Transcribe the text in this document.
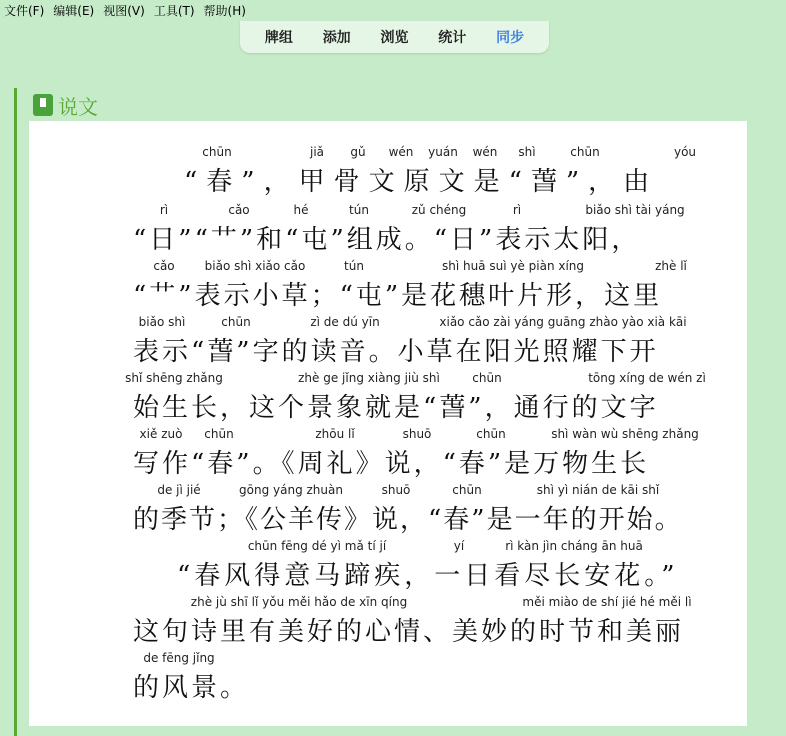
文件(F) 编辑(E) 视图(V) 工具(T) 帮助(H)
牌组	添加	浏览	统计	同步
说文
chūn	jiǎ gǔ wén yuán wén shì	chūn	yóu
“春”，甲骨文原文是“萅”，由
rì	cǎo	hé	tún	zǔ chéng	rì	biǎo shì tài yáng
“日”“艹”和“屯”组成。“日”表示太阳，
cǎo biǎo shì xiǎo cǎo	tún	shì huā suì yè piàn xíng	zhè lǐ
“艹”表示小草；“屯”是花穗叶片形，这里
biǎo shì	chūn	zì de dú yīn	xiǎo cǎo zài yáng guāng zhào yào xià kāi
表示“萅”字的读音。小草在阳光照耀下开
shǐ shēng zhǎng	zhè ge jǐng xiàng jiù shì	chūn	tōng xíng de wén zì
始生长，这个景象就是“萅”，通行的文字
xiě zuò chūn	zhōu lǐ	shuō	chūn	shì wàn wù shēng zhǎng
写作“春”。《周礼》说，“春”是万物生长
de jì jié	gōng yáng zhuàn	shuō	chūn	shì yì nián de kāi shǐ
的季节；《公羊传》说，“春”是一年的开始。
chūn fēng dé yì mǎ tí jí	yí	rì kàn jìn cháng ān huā
“春风得意马蹄疾，一日看尽长安花。”
zhè jù shī lǐ yǒu měi hǎo de xīn qíng	měi miào de shí jié hé měi lì
这句诗里有美好的心情、美妙的时节和美丽
de fēng jǐng
的风景。
